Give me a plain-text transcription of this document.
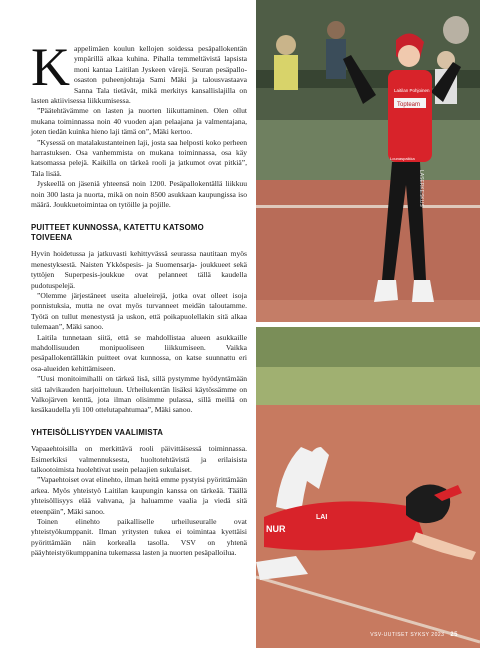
Kappelimäen koulun kellojen soidessa pesäpallokentän ympärillä alkaa kuhina. Pihalla temmeltävistä lapsista moni kantaa Laitilan Jyskeen värejä. Seuran pesäpallo-osaston puheenjohtaja Sami Mäki ja talousvastaava Sanna Tala tietävät, mikä merkitys kansallislajilla on lasten aktiivisessa liikkumisessa.

”Päätehtävämme on lasten ja nuorten liikuttaminen. Olen ollut mukana toiminnassa noin 40 vuoden ajan pelaajana ja valmentajana, joten tiedän kuinka hieno laji tämä on”, Mäki kertoo.

”Kysessä on matalakustanteinen laji, josta saa helposti koko perheen harrastuksen. Osa vanhemmista on mukana toiminnassa, osa käy katsomassa pelejä. Kaikilla on tärkeä rooli ja jatkumot ovat pitkiä”, Tala lisää.

Jyskeellä on jäseniä yhteensä noin 1200. Pesäpallokentällä liikkuu noin 300 lasta ja nuorta, mikä on noin 8500 asukkaan kaupungissa iso määrä. Joukkuetoimintaa on tytöille ja pojille.

PUITTEET KUNNOSSA, KATETTU KATSOMO TOIVEENA

Hyvin hoidetussa ja jatkuvasti kehittyvässä seurassa nautitaan myös menestyksestä. Naisten Ykköspesis- ja Suomensarja- joukkueet sekä tyttöjen Superpesis-joukkue ovat pelanneet tällä kaudella pudotuspelejä.

”Olemme järjestäneet useita alueleirejä, jotka ovat olleet isoja ponnistuksia, mutta ne ovat myös turvanneet meidän taloutamme. Työtä on tullut menestystä ja uskon, että poikapuolellakin sitä alkaa tulemaan”, Mäki sanoo.

Laitila tunnetaan siitä, että se mahdollistaa alueen asukkaille mahdollisuuden monipuoliseen liikkumiseen. Vaikka pesäpallokentälläkin puitteet ovat kunnossa, on katse suunnattu eri osa-alueiden kehittämiseen.

”Uusi monitoimihalli on tärkeä lisä, sillä pystymme hyödyntämään sitä talvikauden harjoitteluun. Urheilukentän lisäksi käytössämme on Valkojärven kenttä, jota ilman olisimme pulassa, sillä meillä on kesäkaudella yli 100 ottelutapahtumaa”, Mäki sanoo.

YHTEISÖLLISYYDEN VAALIMISTA

Vapaaehtoisilla on merkittävä rooli päivittäisessä toiminnassa. Esimerkiksi valmennuksesta, huoltotehtävistä ja erilaisista talkootoimista huolehtivat usein pelaajien sukulaiset.

”Vapaehtoiset ovat elinehto, ilman heitä emme pystyisi pyörittämään arkea. Myös yhteistyö Laitilan kaupungin kanssa on tärkeää. Täällä yhteisöllisyys elää vahvana, ja haluamme vaalia ja viedä sitä eteenpäin”, Mäki sanoo.

Toinen elinehto paikalliselle urheiluseuralle ovat yhteistyökumppanit. Ilman yritysten tukea ei toimintaa kyettäisi pyörittämään näin korkealla tasolla. VSV on yhtenä pääyhteistyökumppanina tukemassa lasten ja nuorten pesäpalloilua.

Topteam
Laitilan Pohjoinen
Lounaspaikka
LASERKESKUS
NUR
LAI
VSV-UUTISET SYKSY 2023 25
